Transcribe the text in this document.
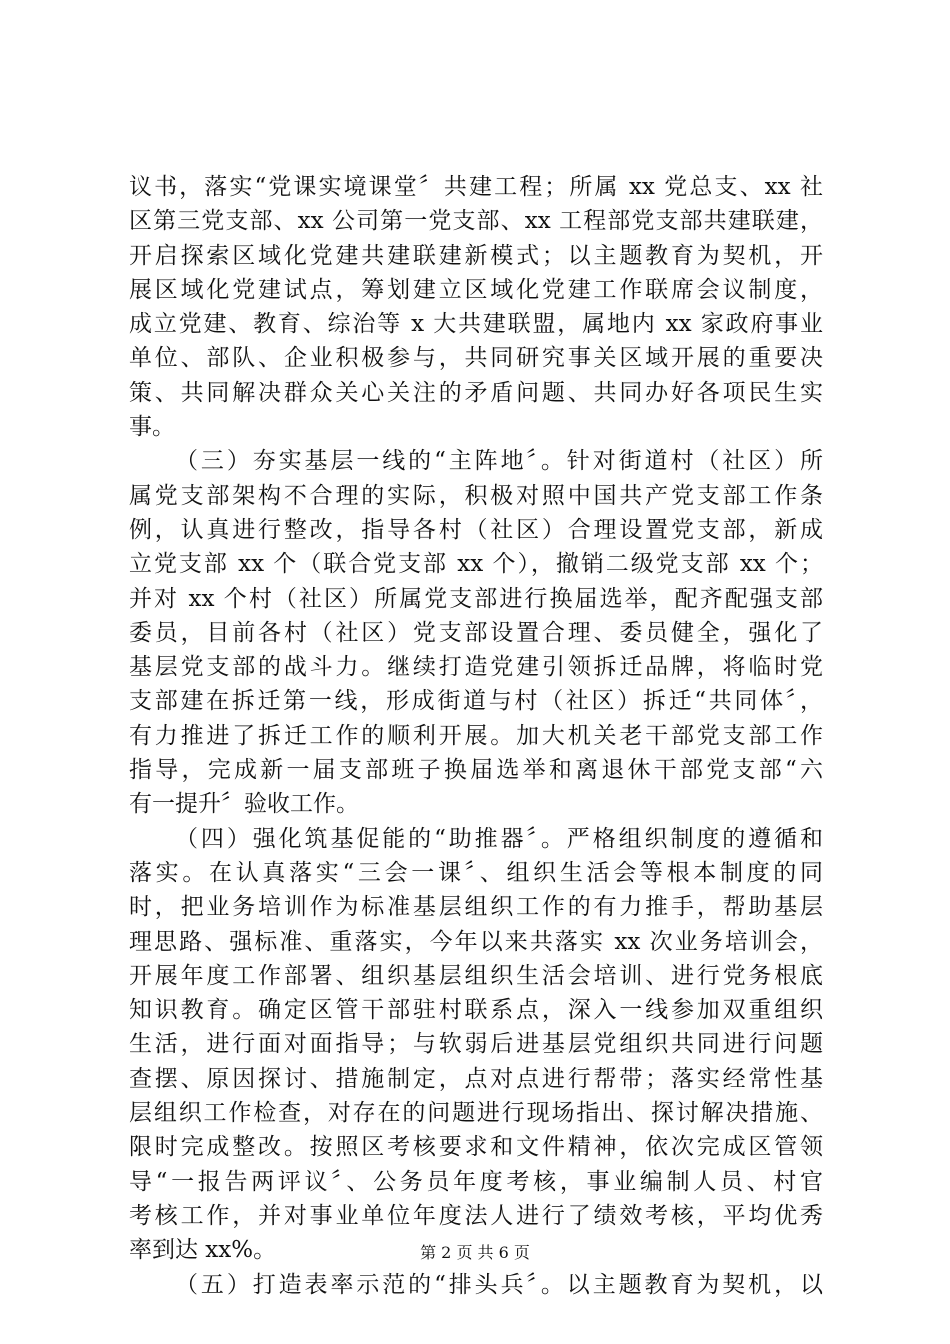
议书，落实“党课实境课堂〞共建工程；所属 xx 党总支、xx 社
区第三党支部、xx 公司第一党支部、xx 工程部党支部共建联建，
开启探索区域化党建共建联建新模式；以主题教育为契机，开
展区域化党建试点，筹划建立区域化党建工作联席会议制度，
成立党建、教育、综治等 x 大共建联盟，属地内 xx 家政府事业
单位、部队、企业积极参与，共同研究事关区域开展的重要决
策、共同解决群众关心关注的矛盾问题、共同办好各项民生实
事。
（三）夯实基层一线的“主阵地〞。针对街道村（社区）所
属党支部架构不合理的实际，积极对照中国共产党支部工作条
例，认真进行整改，指导各村（社区）合理设置党支部，新成
立党支部 xx 个（联合党支部 xx 个），撤销二级党支部 xx 个；
并对 xx 个村（社区）所属党支部进行换届选举，配齐配强支部
委员，目前各村（社区）党支部设置合理、委员健全，强化了
基层党支部的战斗力。继续打造党建引领拆迁品牌，将临时党
支部建在拆迁第一线，形成街道与村（社区）拆迁“共同体〞，
有力推进了拆迁工作的顺利开展。加大机关老干部党支部工作
指导，完成新一届支部班子换届选举和离退休干部党支部“六
有一提升〞验收工作。
（四）强化筑基促能的“助推器〞。严格组织制度的遵循和
落实。在认真落实“三会一课〞、组织生活会等根本制度的同
时，把业务培训作为标准基层组织工作的有力推手，帮助基层
理思路、强标准、重落实，今年以来共落实 xx 次业务培训会，
开展年度工作部署、组织基层组织生活会培训、进行党务根底
知识教育。确定区管干部驻村联系点，深入一线参加双重组织
生活，进行面对面指导；与软弱后进基层党组织共同进行问题
查摆、原因探讨、措施制定，点对点进行帮带；落实经常性基
层组织工作检查，对存在的问题进行现场指出、探讨解决措施、
限时完成整改。按照区考核要求和文件精神，依次完成区管领
导“一报告两评议〞、公务员年度考核，事业编制人员、村官
考核工作，并对事业单位年度法人进行了绩效考核，平均优秀
率到达 xx%。
（五）打造表率示范的“排头兵〞。以主题教育为契机，以
第 2 页 共 6 页
